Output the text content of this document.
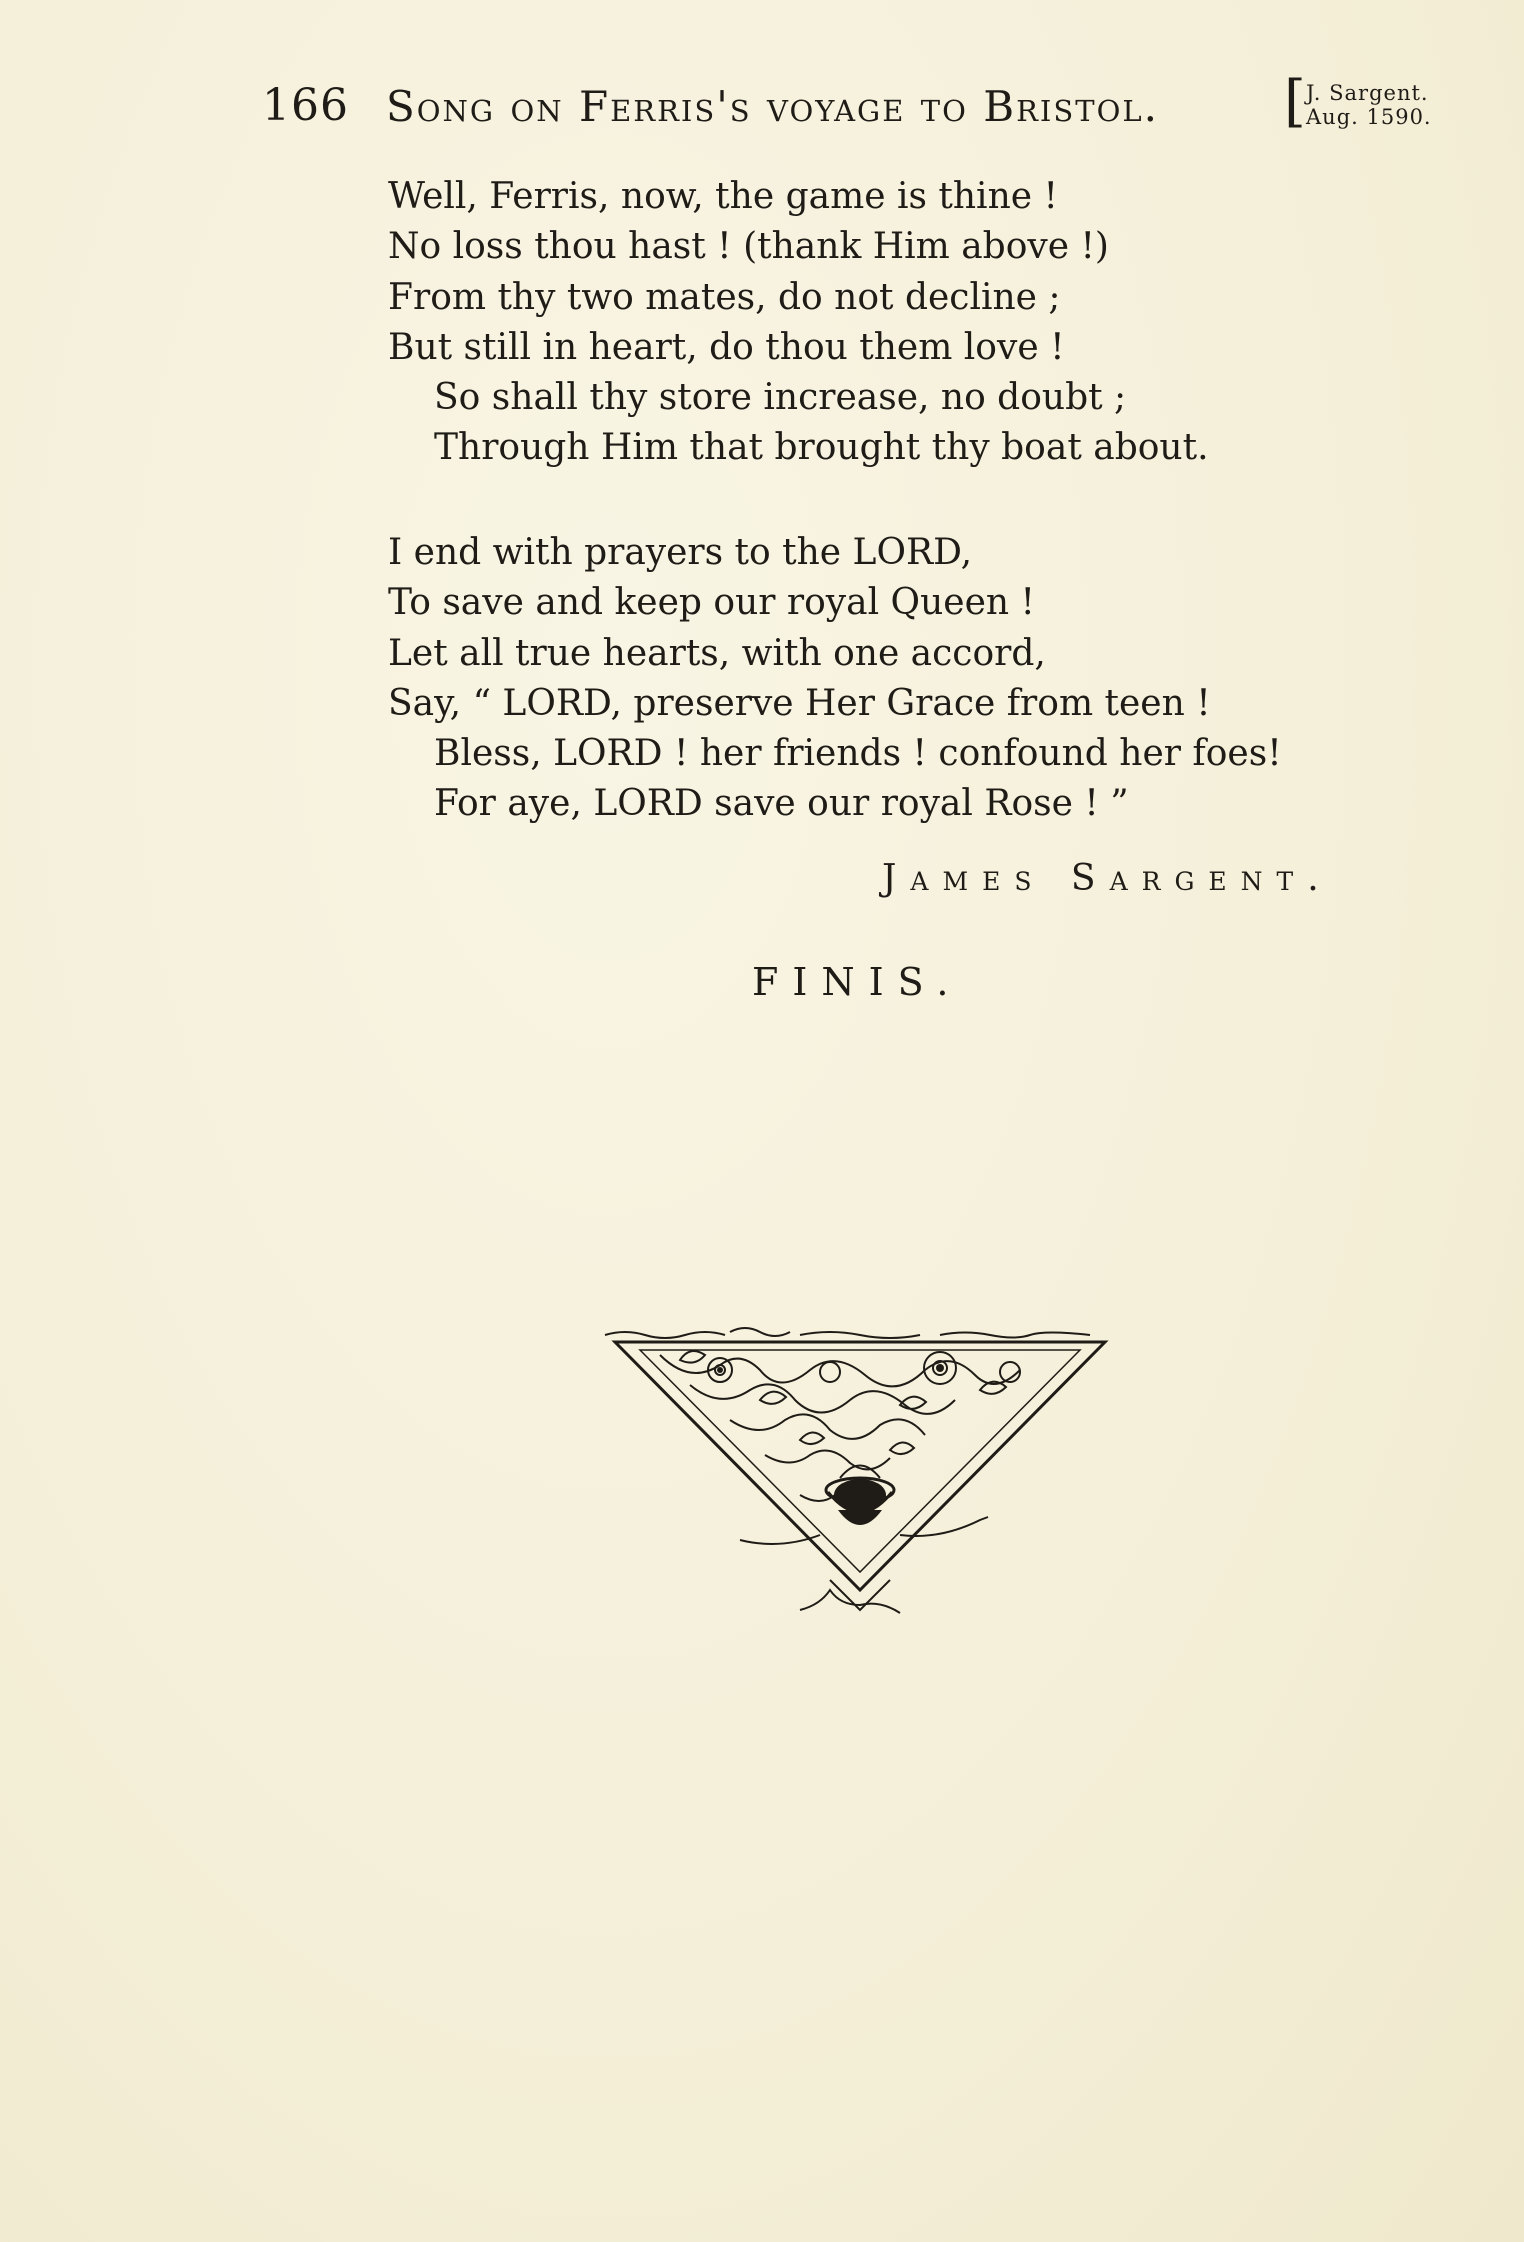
166 Song on Ferris's voyage to Bristol. [ J. Sargent.
Aug. 1590.
Well, Ferris, now, the game is thine !
No loss thou hast ! (thank Him above !)
From thy two mates, do not decline ;
But still in heart, do thou them love !
So shall thy store increase, no doubt ;
Through Him that brought thy boat about.
I end with prayers to the LORD,
To save and keep our royal Queen !
Let all true hearts, with one accord,
Say, “ LORD, preserve Her Grace from teen !
Bless, LORD ! her friends ! confound her foes!
For aye, LORD save our royal Rose ! ”
James Sargent.
FINIS.
